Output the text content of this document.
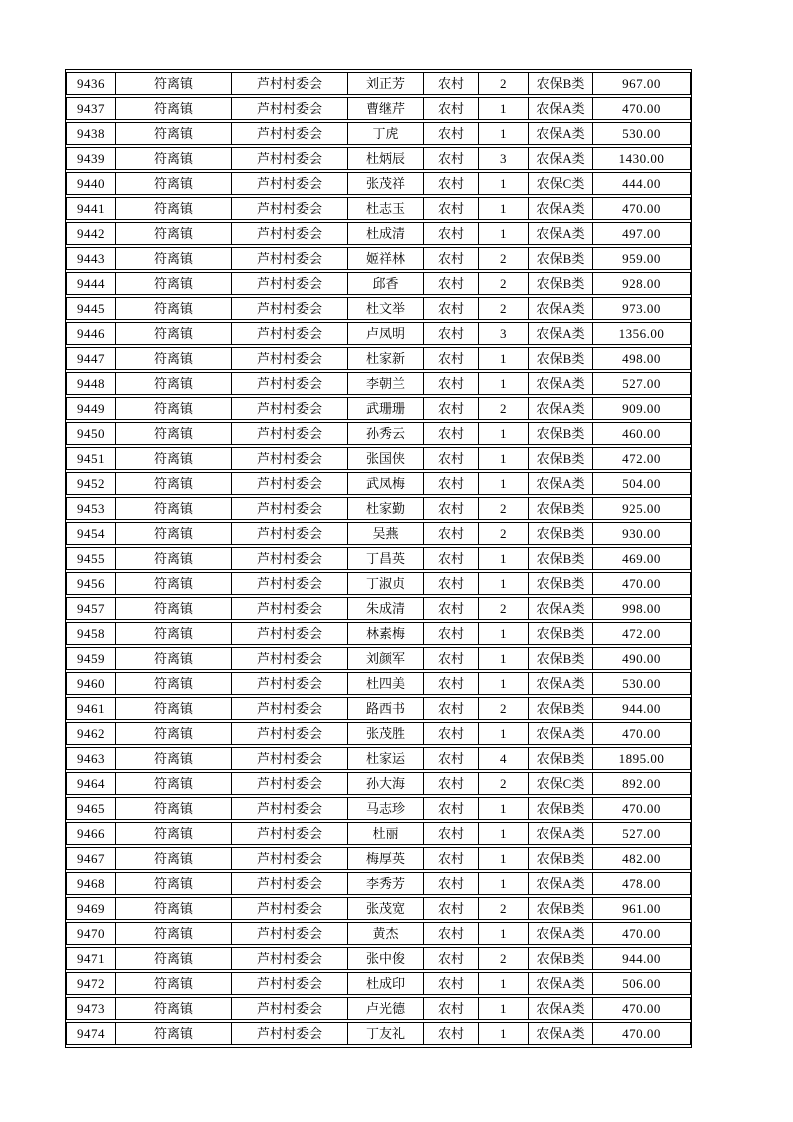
9436	符离镇	芦村村委会	刘正芳	农村	2	农保B类	967.00
9437	符离镇	芦村村委会	曹继芹	农村	1	农保A类	470.00
9438	符离镇	芦村村委会	丁虎	农村	1	农保A类	530.00
9439	符离镇	芦村村委会	杜炳辰	农村	3	农保A类	1430.00
9440	符离镇	芦村村委会	张茂祥	农村	1	农保C类	444.00
9441	符离镇	芦村村委会	杜志玉	农村	1	农保A类	470.00
9442	符离镇	芦村村委会	杜成清	农村	1	农保A类	497.00
9443	符离镇	芦村村委会	姬祥林	农村	2	农保B类	959.00
9444	符离镇	芦村村委会	邱香	农村	2	农保B类	928.00
9445	符离镇	芦村村委会	杜文举	农村	2	农保A类	973.00
9446	符离镇	芦村村委会	卢凤明	农村	3	农保A类	1356.00
9447	符离镇	芦村村委会	杜家新	农村	1	农保B类	498.00
9448	符离镇	芦村村委会	李朝兰	农村	1	农保A类	527.00
9449	符离镇	芦村村委会	武珊珊	农村	2	农保A类	909.00
9450	符离镇	芦村村委会	孙秀云	农村	1	农保B类	460.00
9451	符离镇	芦村村委会	张国侠	农村	1	农保B类	472.00
9452	符离镇	芦村村委会	武凤梅	农村	1	农保A类	504.00
9453	符离镇	芦村村委会	杜家勤	农村	2	农保B类	925.00
9454	符离镇	芦村村委会	吴燕	农村	2	农保B类	930.00
9455	符离镇	芦村村委会	丁昌英	农村	1	农保B类	469.00
9456	符离镇	芦村村委会	丁淑贞	农村	1	农保B类	470.00
9457	符离镇	芦村村委会	朱成清	农村	2	农保A类	998.00
9458	符离镇	芦村村委会	林素梅	农村	1	农保B类	472.00
9459	符离镇	芦村村委会	刘颜军	农村	1	农保B类	490.00
9460	符离镇	芦村村委会	杜四美	农村	1	农保A类	530.00
9461	符离镇	芦村村委会	路西书	农村	2	农保B类	944.00
9462	符离镇	芦村村委会	张茂胜	农村	1	农保A类	470.00
9463	符离镇	芦村村委会	杜家运	农村	4	农保B类	1895.00
9464	符离镇	芦村村委会	孙大海	农村	2	农保C类	892.00
9465	符离镇	芦村村委会	马志珍	农村	1	农保B类	470.00
9466	符离镇	芦村村委会	杜丽	农村	1	农保A类	527.00
9467	符离镇	芦村村委会	梅厚英	农村	1	农保B类	482.00
9468	符离镇	芦村村委会	李秀芳	农村	1	农保A类	478.00
9469	符离镇	芦村村委会	张茂宽	农村	2	农保B类	961.00
9470	符离镇	芦村村委会	黄杰	农村	1	农保A类	470.00
9471	符离镇	芦村村委会	张中俊	农村	2	农保B类	944.00
9472	符离镇	芦村村委会	杜成印	农村	1	农保A类	506.00
9473	符离镇	芦村村委会	卢光德	农村	1	农保A类	470.00
9474	符离镇	芦村村委会	丁友礼	农村	1	农保A类	470.00
